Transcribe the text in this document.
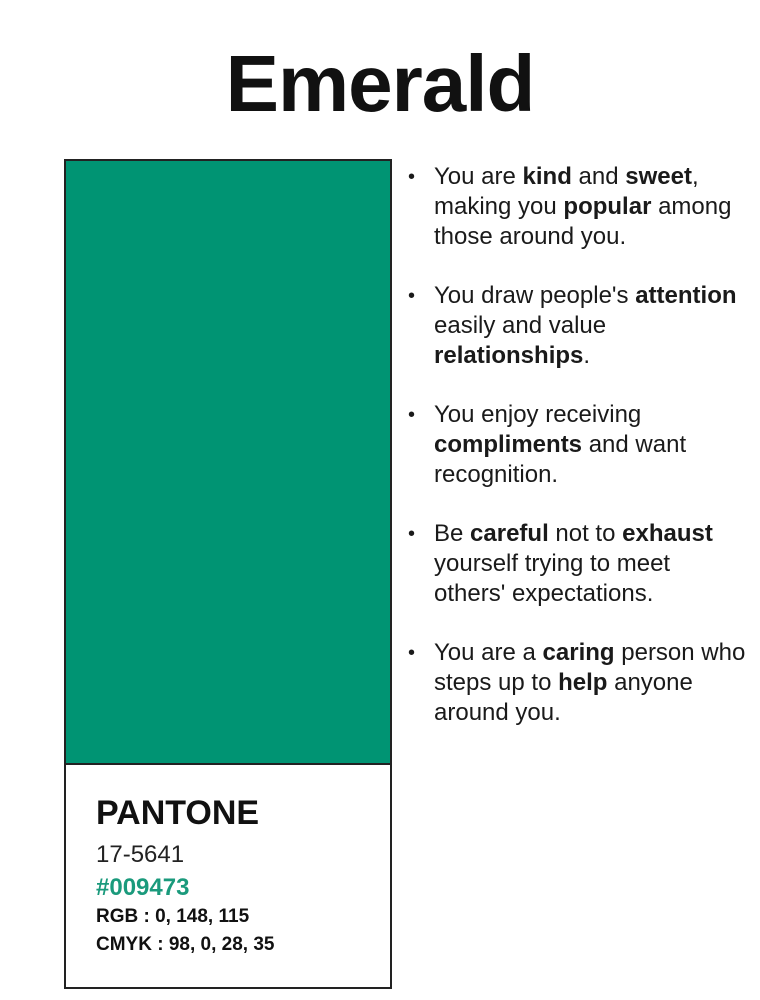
Emerald
PANTONE
17-5641
#009473
RGB : 0, 148, 115
CMYK : 98, 0, 28, 35
• You are kind and sweet, making you popular among those around you.
• You draw people's attention easily and value relationships.
• You enjoy receiving compliments and want recognition.
• Be careful not to exhaust yourself trying to meet others' expectations.
• You are a caring person who steps up to help anyone around you.
